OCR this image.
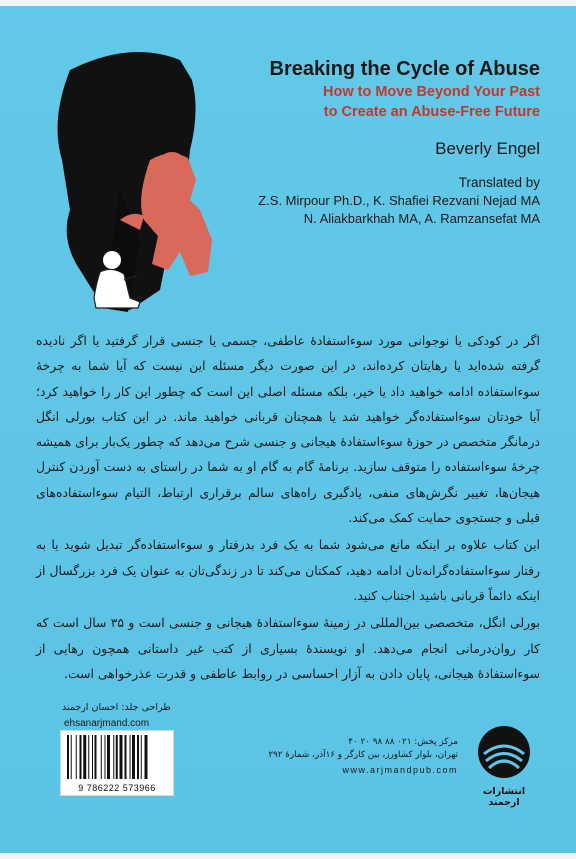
Breaking the Cycle of Abuse

How to Move Beyond Your Past

to Create an Abuse-Free Future

Beverly Engel
Translated by
Z.S. Mirpour Ph.D., K. Shafiei Rezvani Nejad MA
N. Aliakbarkhah MA, A. Ramzansefat MA

اگر در کودکی یا نوجوانی مورد سوءاستفادهٔ عاطفی، جسمی یا جنسی قرار گرفتید یا اگر نادیده گرفته شده‌اید یا رهایتان کرده‌اند، در این صورت دیگر مسئله این نیست که آیا شما به چرخهٔ سوءاستفاده ادامه خواهید داد یا خیر، بلکه مسئله اصلی این است که چطور این کار را خواهید کرد؛ آیا خودتان سوءاستفاده‌گر خواهید شد یا همچنان قربانی خواهید ماند. در این کتاب بورلی انگل درمانگر متخصص در حوزهٔ سوءاستفادهٔ هیجانی و جنسی شرح می‌دهد که چطور یک‌بار برای همیشه چرخهٔ سوءاستفاده را متوقف سازید. برنامهٔ گام به گام او به شما در راستای به دست آوردن کنترل هیجان‌ها، تغییر نگرش‌های منفی، یادگیری راه‌های سالم برقراری ارتباط، التیام سوءاستفاده‌های قبلی و جستجوی حمایت کمک می‌کند.

این کتاب علاوه بر اینکه مانع می‌شود شما به یک فرد بدرفتار و سوءاستفاده‌گر تبدیل شوید یا به رفتار سوءاستفاده‌گرانه‌تان ادامه دهید، کمکتان می‌کند تا در زندگی‌تان به عنوان یک فرد بزرگسال از اینکه دائماً قربانی باشید اجتناب کنید.

بورلی انگل، متخصصی بین‌المللی در زمینهٔ سوءاستفادهٔ هیجانی و جنسی است و ۳۵ سال است که کار روان‌درمانی انجام می‌دهد. او نویسندهٔ بسیاری از کتب غیر داستانی همچون رهایی از سوءاستفادهٔ هیجانی، پایان دادن به آزار احساسی در روابط عاطفی و قدرت عذرخواهی است.

طراحی جلد: احسان ارجمند
ehsanarjmand.com
9 786222 573966
مرکز پخش: ۰۲۱ ۸۸ ۹۸ ۲۰ ۴۰
تهران، بلوار کشاورز، بین کارگر و ۱۶آذر، شمارهٔ ۲۹۲
www.arjmandpub.com
انتشارات ارجمند
